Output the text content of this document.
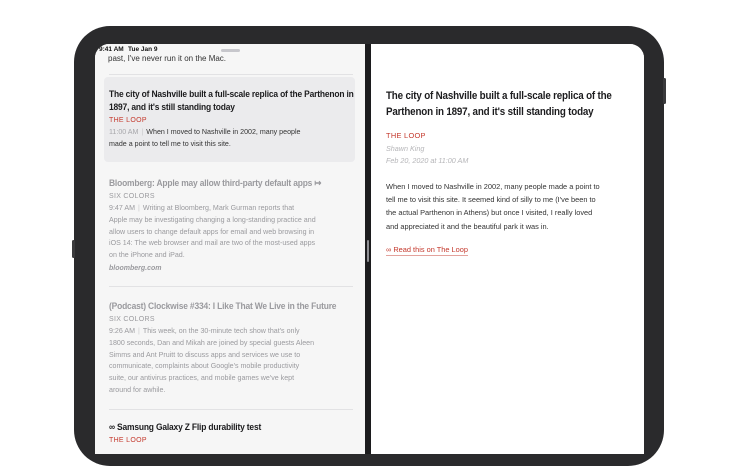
9:41 AM Tue Jan 9
past, I've never run it on the Mac.
The city of Nashville built a full-scale replica of the Parthenon in
1897, and it's still standing today
THE LOOP
11:00 AM | When I moved to Nashville in 2002, many people
made a point to tell me to visit this site.
Bloomberg: Apple may allow third-party default apps ↦
SIX COLORS
9:47 AM | Writing at Bloomberg, Mark Gurman reports that
Apple may be investigating changing a long-standing practice and
allow users to change default apps for email and web browsing in
iOS 14: The web browser and mail are two of the most-used apps
on the iPhone and iPad.
bloomberg.com
(Podcast) Clockwise #334: I Like That We Live in the Future
SIX COLORS
9:26 AM | This week, on the 30-minute tech show that's only
1800 seconds, Dan and Mikah are joined by special guests Aleen
Simms and Ant Pruitt to discuss apps and services we use to
communicate, complaints about Google's mobile productivity
suite, our antivirus practices, and mobile games we've kept
around for awhile.
∞ Samsung Galaxy Z Flip durability test
THE LOOP
The city of Nashville built a full-scale replica of the
Parthenon in 1897, and it's still standing today
THE LOOP
Shawn King
Feb 20, 2020 at 11:00 AM
When I moved to Nashville in 2002, many people made a point to
tell me to visit this site. It seemed kind of silly to me (I've been to
the actual Parthenon in Athens) but once I visited, I really loved
and appreciated it and the beautiful park it was in.
∞ Read this on The Loop
